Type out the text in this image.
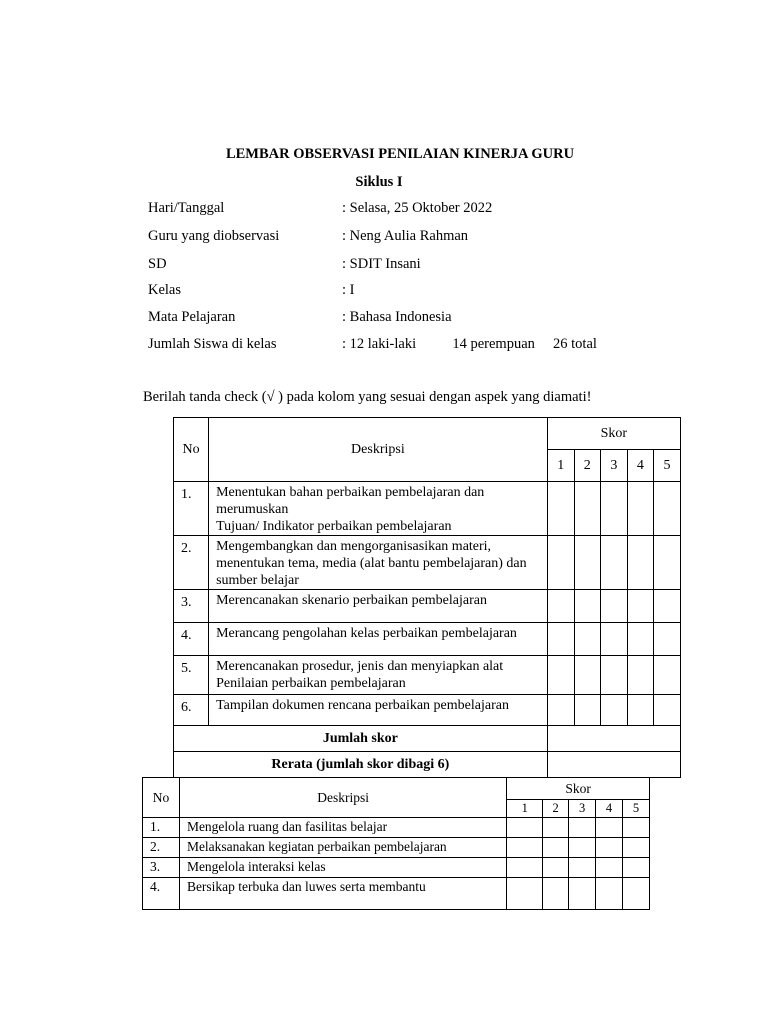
LEMBAR OBSERVASI PENILAIAN KINERJA GURU
Siklus I
Hari/Tanggal	: Selasa, 25 Oktober 2022
Guru yang diobservasi	: Neng Aulia Rahman
SD	: SDIT Insani
Kelas	: I
Mata Pelajaran	: Bahasa Indonesia
Jumlah Siswa di kelas	: 12 laki-laki          14 perempuan     26 total
Berilah tanda check (√ ) pada kolom yang sesuai dengan aspek yang diamati!
No	Deskripsi	Skor				
		1	2	3	4	5
1.	Menentukan bahan perbaikan pembelajaran dan merumuskan
Tujuan/ Indikator perbaikan pembelajaran					
2.	Mengembangkan dan mengorganisasikan materi, menentukan tema, media (alat bantu pembelajaran) dan sumber belajar					
3.	Merencanakan skenario perbaikan pembelajaran					
4.	Merancang pengolahan kelas perbaikan pembelajaran					
5.	Merencanakan prosedur, jenis dan menyiapkan alat Penilaian perbaikan pembelajaran					
6.	Tampilan dokumen rencana perbaikan pembelajaran					
Jumlah skor						
Rerata (jumlah skor dibagi 6)						
No	Deskripsi	Skor				
		1	2	3	4	5
1.	Mengelola ruang dan fasilitas belajar					
2.	Melaksanakan kegiatan perbaikan pembelajaran					
3.	Mengelola interaksi kelas					
4.	Bersikap terbuka dan luwes serta membantu					
